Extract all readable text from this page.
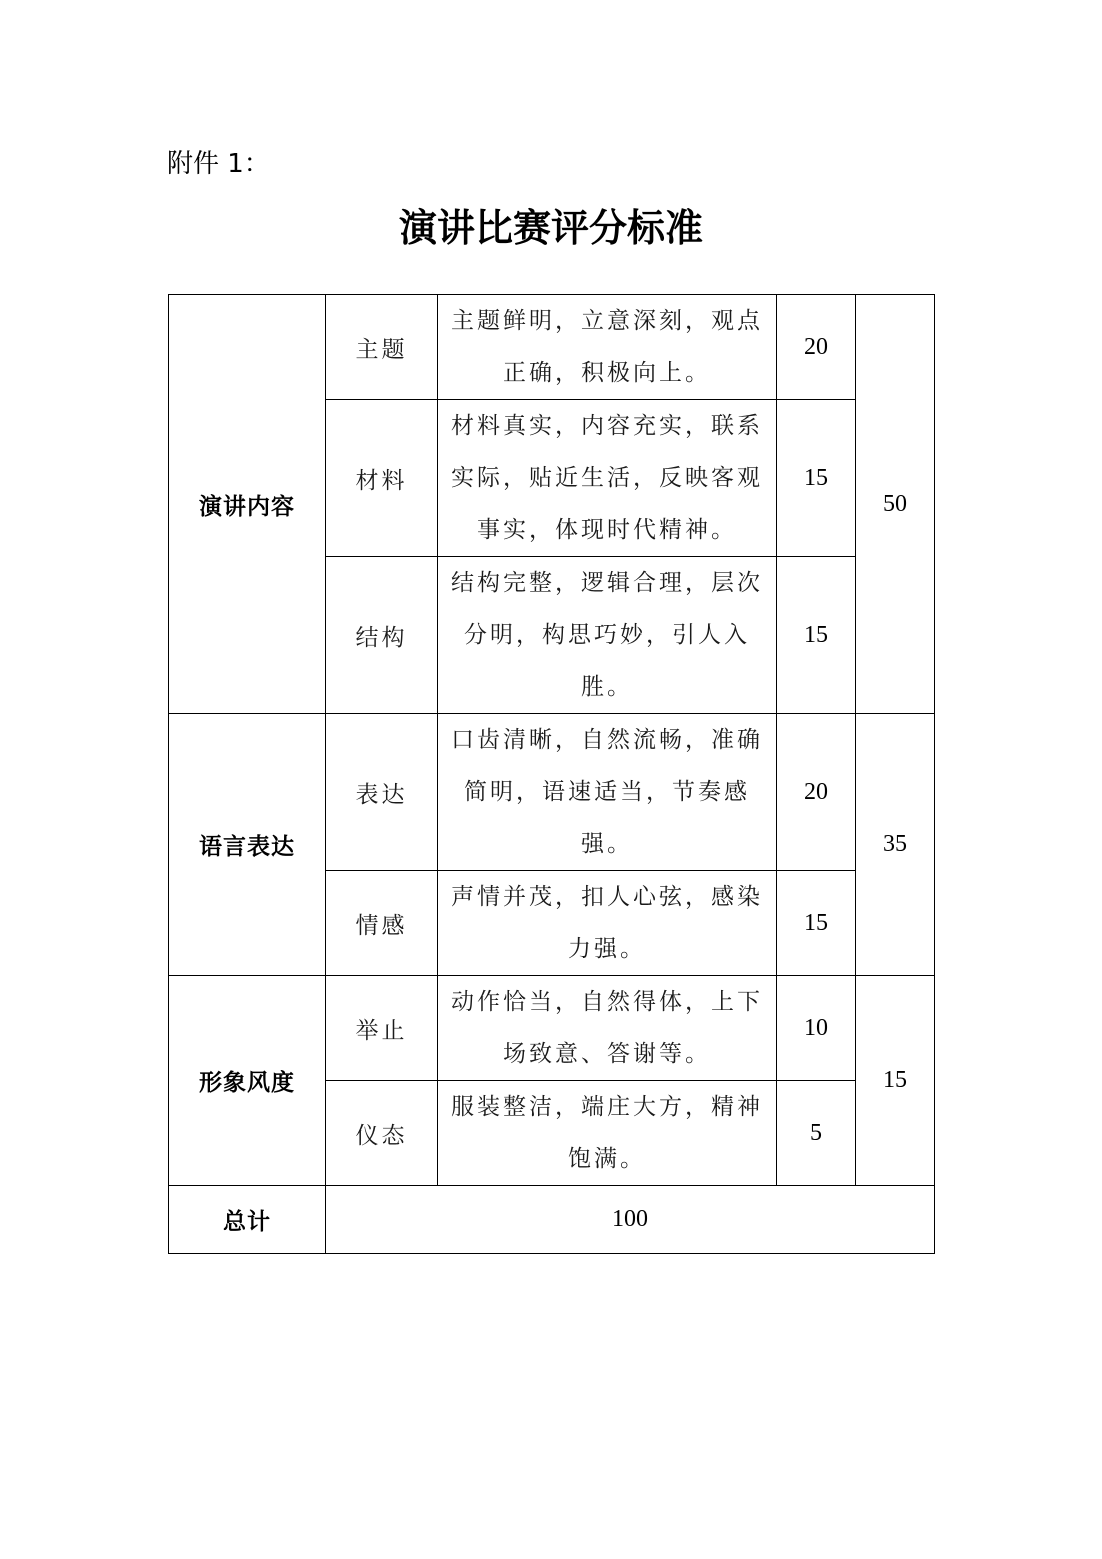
附件 1：
演讲比赛评分标准
演讲内容	主题	主题鲜明，立意深刻，观点正确，积极向上。	20	50
	材料	材料真实，内容充实，联系实际，贴近生活，反映客观事实，体现时代精神。	15	
	结构	结构完整，逻辑合理，层次分明，构思巧妙，引人入胜。	15	
语言表达	表达	口齿清晰，自然流畅，准确简明，语速适当，节奏感强。	20	35
	情感	声情并茂，扣人心弦，感染力强。	15	
形象风度	举止	动作恰当，自然得体，上下场致意、答谢等。	10	15
	仪态	服装整洁，端庄大方，精神饱满。	5	
总计	100			
